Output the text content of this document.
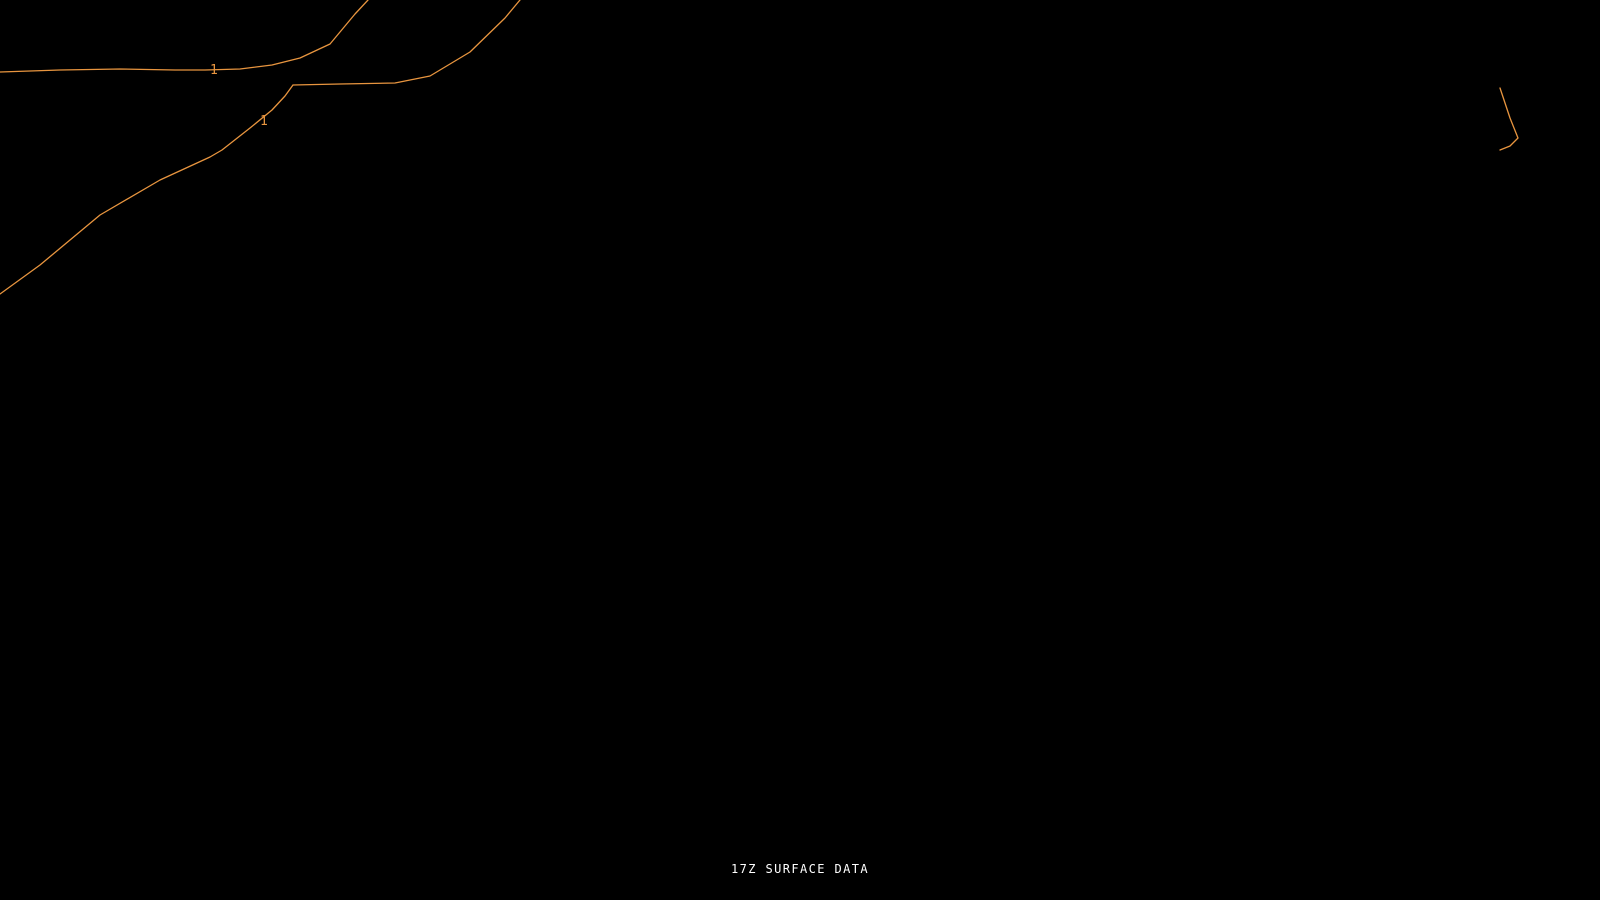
1
1
17Z SURFACE DATA
